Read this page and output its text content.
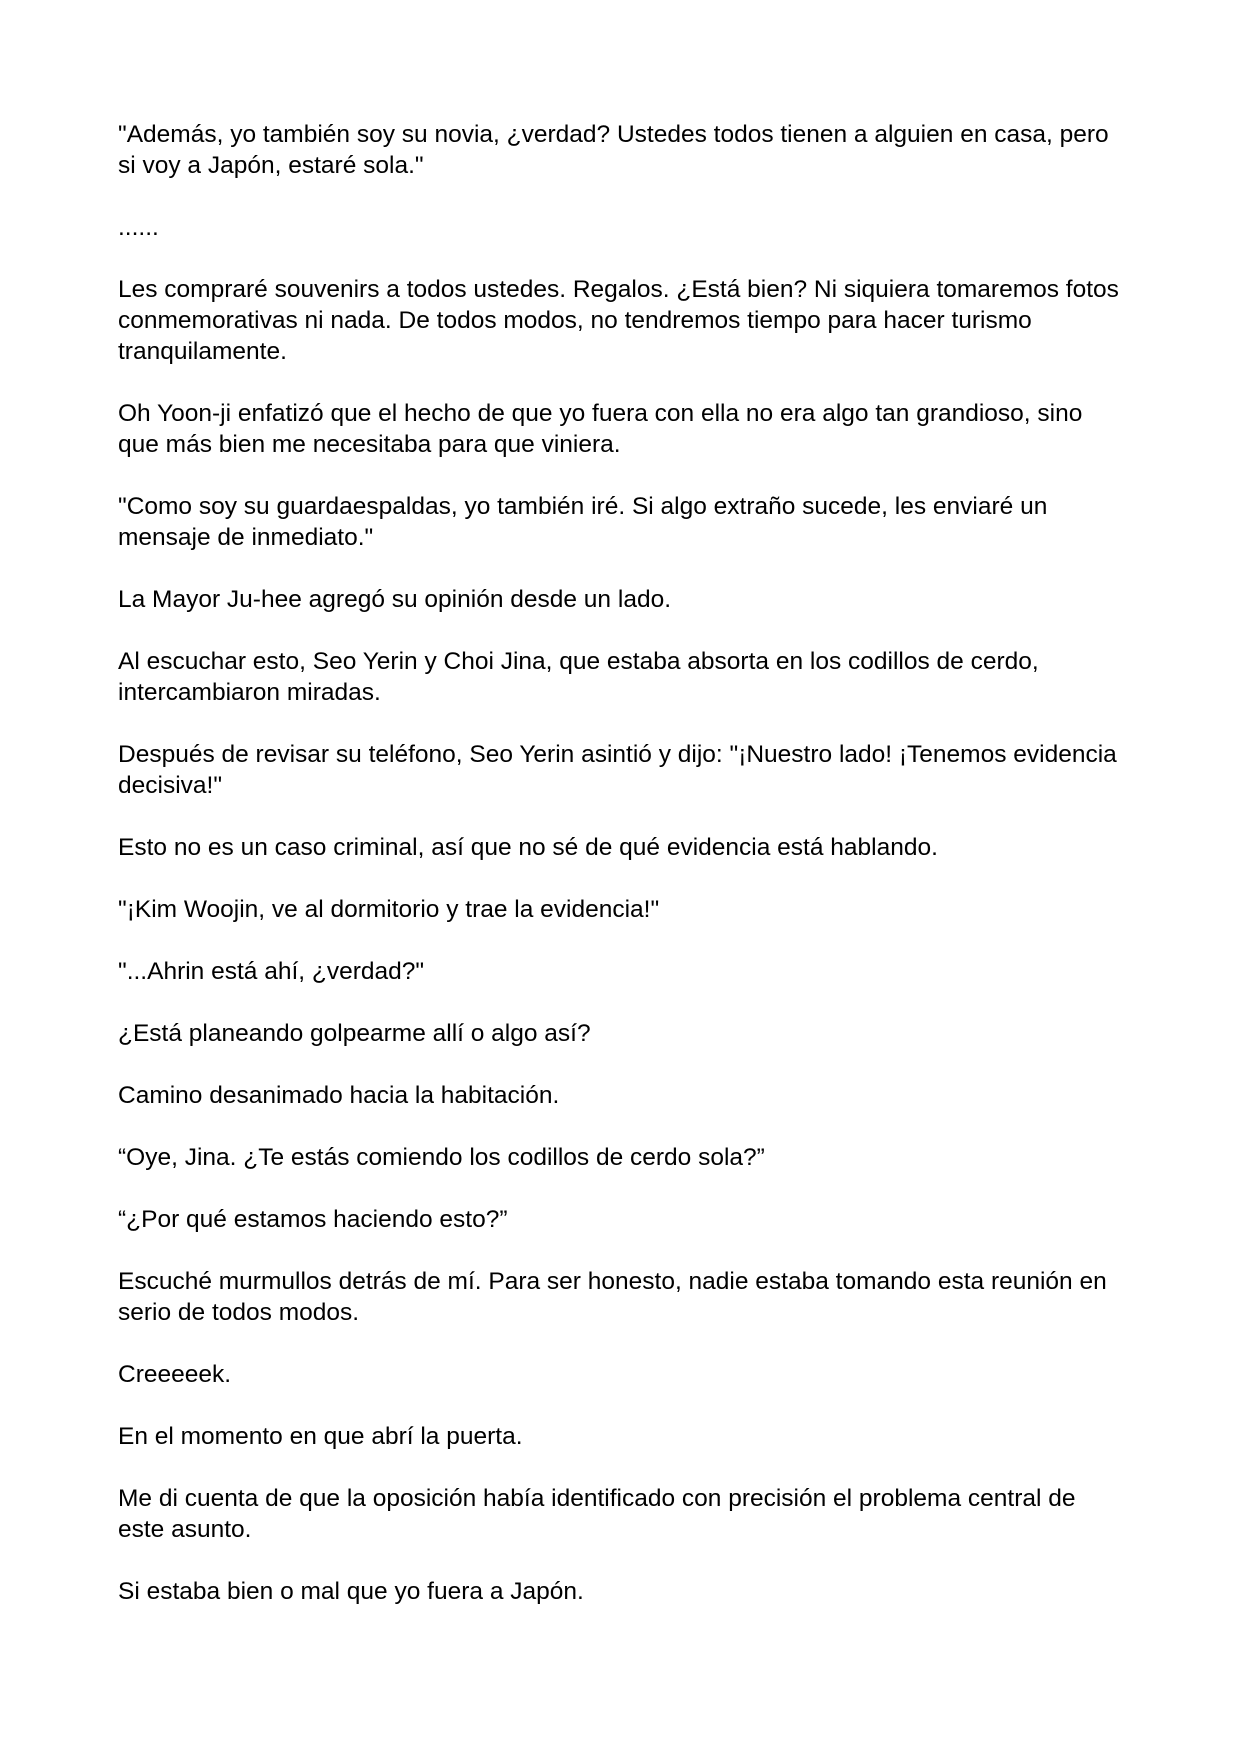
"Además, yo también soy su novia, ¿verdad? Ustedes todos tienen a alguien en casa, pero si voy a Japón, estaré sola."

......

Les compraré souvenirs a todos ustedes. Regalos. ¿Está bien? Ni siquiera tomaremos fotos conmemorativas ni nada. De todos modos, no tendremos tiempo para hacer turismo tranquilamente.

Oh Yoon-ji enfatizó que el hecho de que yo fuera con ella no era algo tan grandioso, sino que más bien me necesitaba para que viniera.

"Como soy su guardaespaldas, yo también iré. Si algo extraño sucede, les enviaré un mensaje de inmediato."

La Mayor Ju-hee agregó su opinión desde un lado.

Al escuchar esto, Seo Yerin y Choi Jina, que estaba absorta en los codillos de cerdo, intercambiaron miradas.

Después de revisar su teléfono, Seo Yerin asintió y dijo: "¡Nuestro lado! ¡Tenemos evidencia decisiva!"

Esto no es un caso criminal, así que no sé de qué evidencia está hablando.

"¡Kim Woojin, ve al dormitorio y trae la evidencia!"

"...Ahrin está ahí, ¿verdad?"

¿Está planeando golpearme allí o algo así?

Camino desanimado hacia la habitación.

“Oye, Jina. ¿Te estás comiendo los codillos de cerdo sola?”

“¿Por qué estamos haciendo esto?”

Escuché murmullos detrás de mí. Para ser honesto, nadie estaba tomando esta reunión en serio de todos modos.

Creeeeek.

En el momento en que abrí la puerta.

Me di cuenta de que la oposición había identificado con precisión el problema central de este asunto.

Si estaba bien o mal que yo fuera a Japón.
